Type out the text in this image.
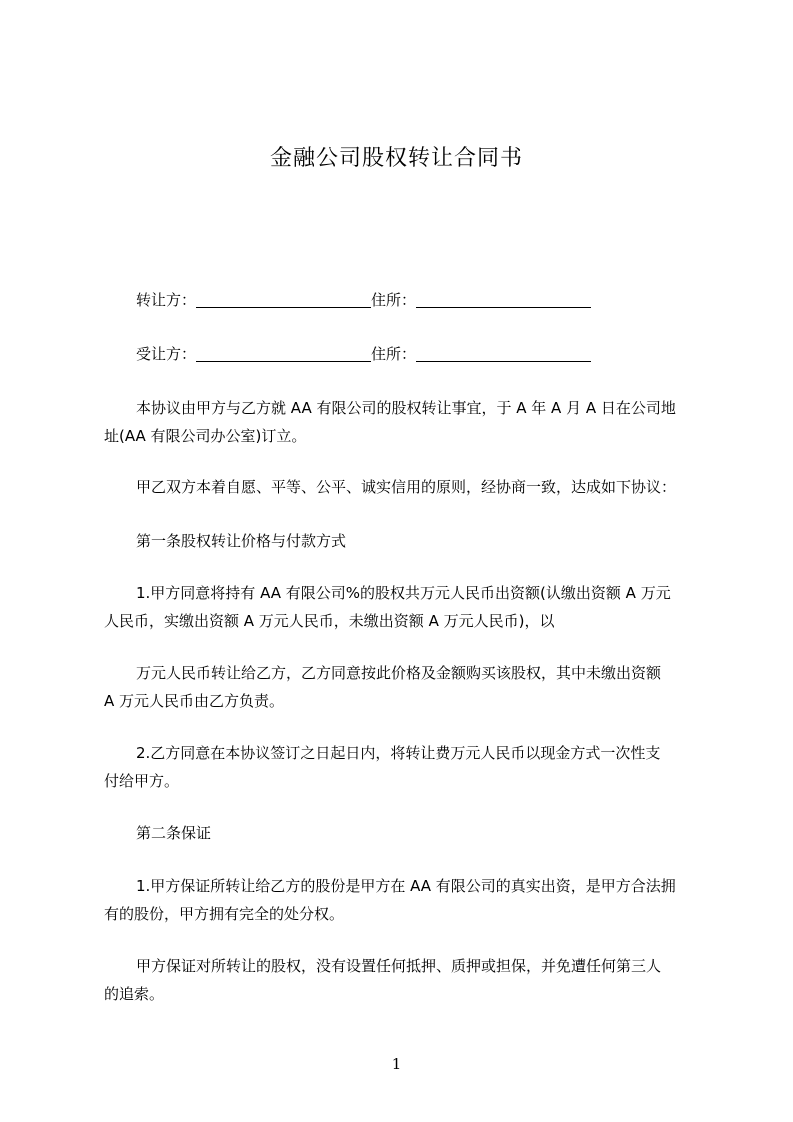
金融公司股权转让合同书
转让方：	住所：
受让方：	住所：
本协议由甲方与乙方就 AA 有限公司的股权转让事宜，于 A 年 A 月 A 日在公司地
址(AA 有限公司办公室)订立。
甲乙双方本着自愿、平等、公平、诚实信用的原则，经协商一致，达成如下协议：
第一条股权转让价格与付款方式
1.甲方同意将持有 AA 有限公司%的股权共万元人民币出资额(认缴出资额 A 万元
人民币，实缴出资额 A 万元人民币，未缴出资额 A 万元人民币)，以
万元人民币转让给乙方，乙方同意按此价格及金额购买该股权，其中未缴出资额
A 万元人民币由乙方负责。
2.乙方同意在本协议签订之日起日内，将转让费万元人民币以现金方式一次性支
付给甲方。
第二条保证
1.甲方保证所转让给乙方的股份是甲方在 AA 有限公司的真实出资，是甲方合法拥
有的股份，甲方拥有完全的处分权。
甲方保证对所转让的股权，没有设置任何抵押、质押或担保，并免遭任何第三人
的追索。
1
